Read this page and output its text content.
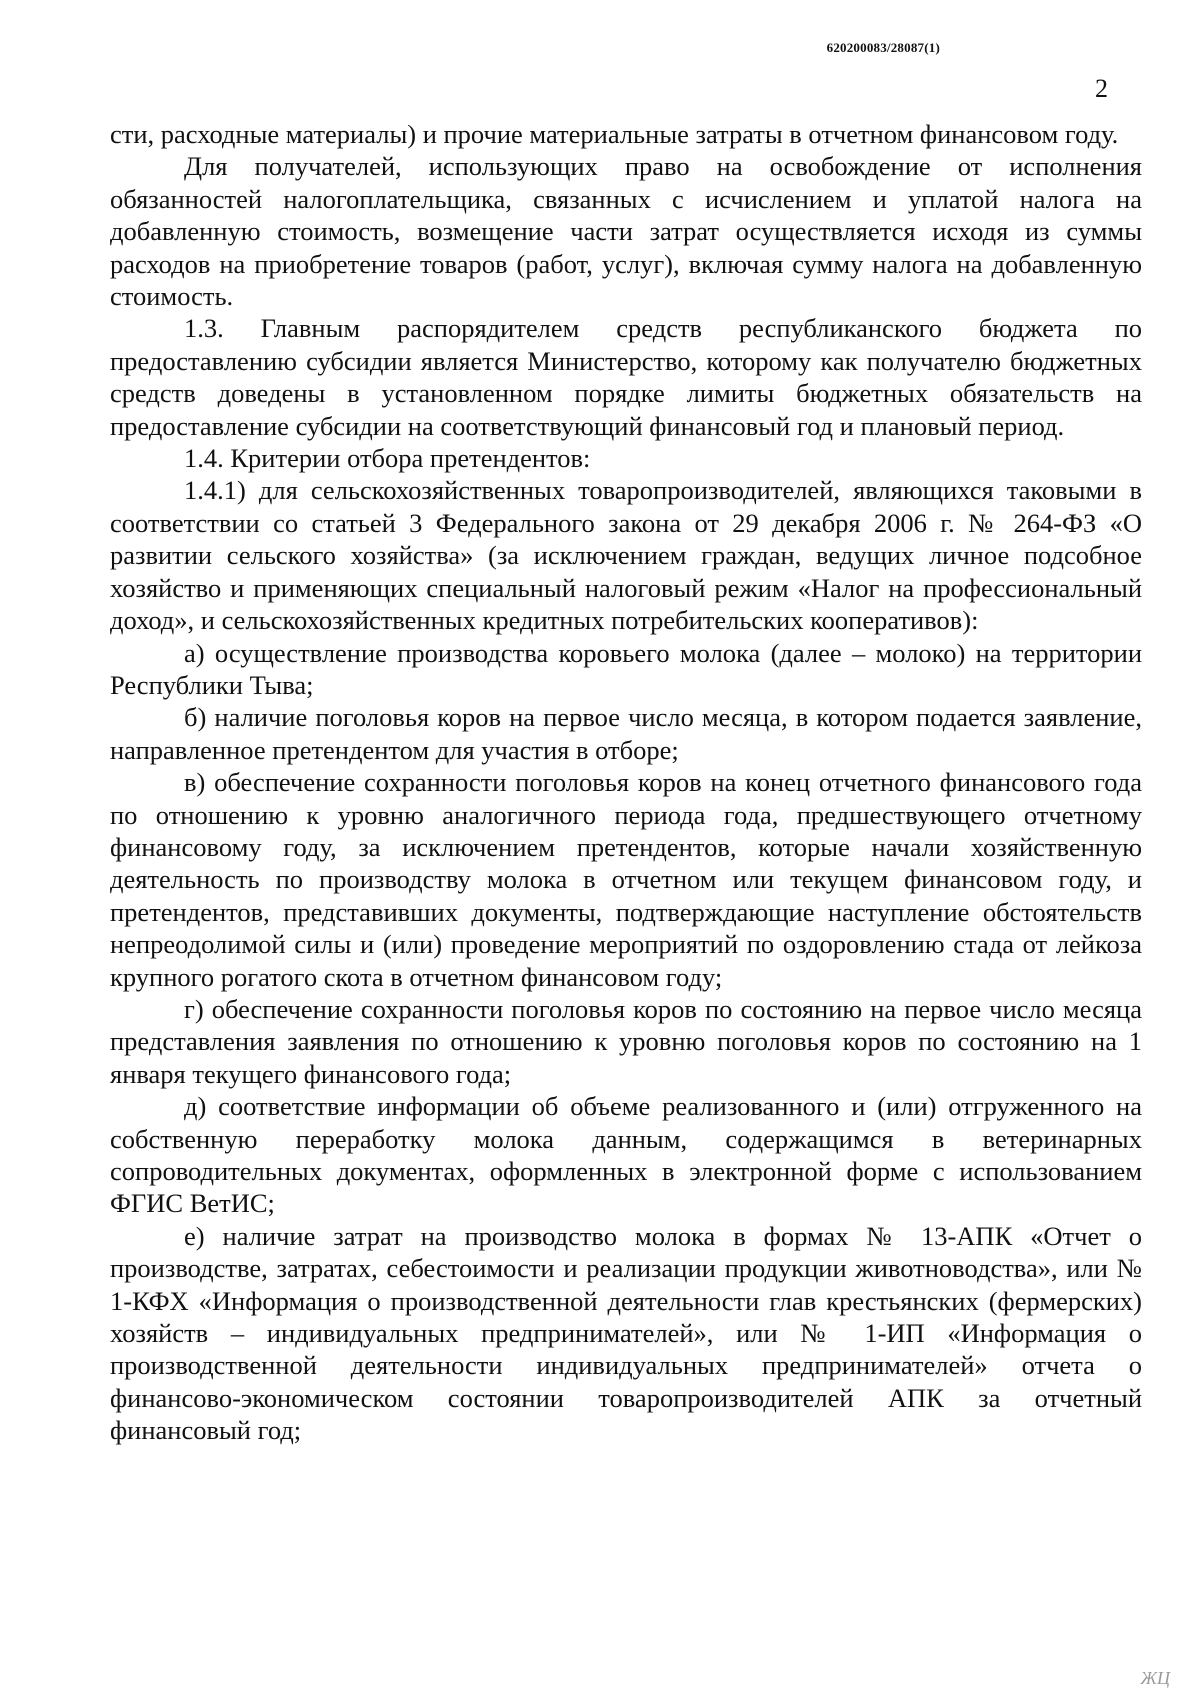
620200083/28087(1)
2

сти, расходные материалы) и прочие материальные затраты в отчетном финансовом году.

Для получателей, использующих право на освобождение от исполнения обязанностей налогоплательщика, связанных с исчислением и уплатой налога на добавленную стоимость, возмещение части затрат осуществляется исходя из суммы расходов на приобретение товаров (работ, услуг), включая сумму налога на добавленную стоимость.

1.3. Главным распорядителем средств республиканского бюджета по предоставлению субсидии является Министерство, которому как получателю бюджетных средств доведены в установленном порядке лимиты бюджетных обязательств на предоставление субсидии на соответствующий финансовый год и плановый период.

1.4. Критерии отбора претендентов:

1.4.1) для сельскохозяйственных товаропроизводителей, являющихся таковыми в соответствии со статьей 3 Федерального закона от 29 декабря 2006 г. № 264-ФЗ «О развитии сельского хозяйства» (за исключением граждан, ведущих личное подсобное хозяйство и применяющих специальный налоговый режим «Налог на профессиональный доход», и сельскохозяйственных кредитных потребительских кооперативов):

а) осуществление производства коровьего молока (далее – молоко) на территории Республики Тыва;

б) наличие поголовья коров на первое число месяца, в котором подается заявление, направленное претендентом для участия в отборе;

в) обеспечение сохранности поголовья коров на конец отчетного финансового года по отношению к уровню аналогичного периода года, предшествующего отчетному финансовому году, за исключением претендентов, которые начали хозяйственную деятельность по производству молока в отчетном или текущем финансовом году, и претендентов, представивших документы, подтверждающие наступление обстоятельств непреодолимой силы и (или) проведение мероприятий по оздоровлению стада от лейкоза крупного рогатого скота в отчетном финансовом году;

г) обеспечение сохранности поголовья коров по состоянию на первое число месяца представления заявления по отношению к уровню поголовья коров по состоянию на 1 января текущего финансового года;

д) соответствие информации об объеме реализованного и (или) отгруженного на собственную переработку молока данным, содержащимся в ветеринарных сопроводительных документах, оформленных в электронной форме с использованием ФГИС ВетИС;

е) наличие затрат на производство молока в формах № 13-АПК «Отчет о производстве, затратах, себестоимости и реализации продукции животноводства», или № 1-КФХ «Информация о производственной деятельности глав крестьянских (фермерских) хозяйств – индивидуальных предпринимателей», или № 1-ИП «Информация о производственной деятельности индивидуальных предпринимателей» отчета о финансово-экономическом состоянии товаропроизводителей АПК за отчетный финансовый год;

ЖЦ
